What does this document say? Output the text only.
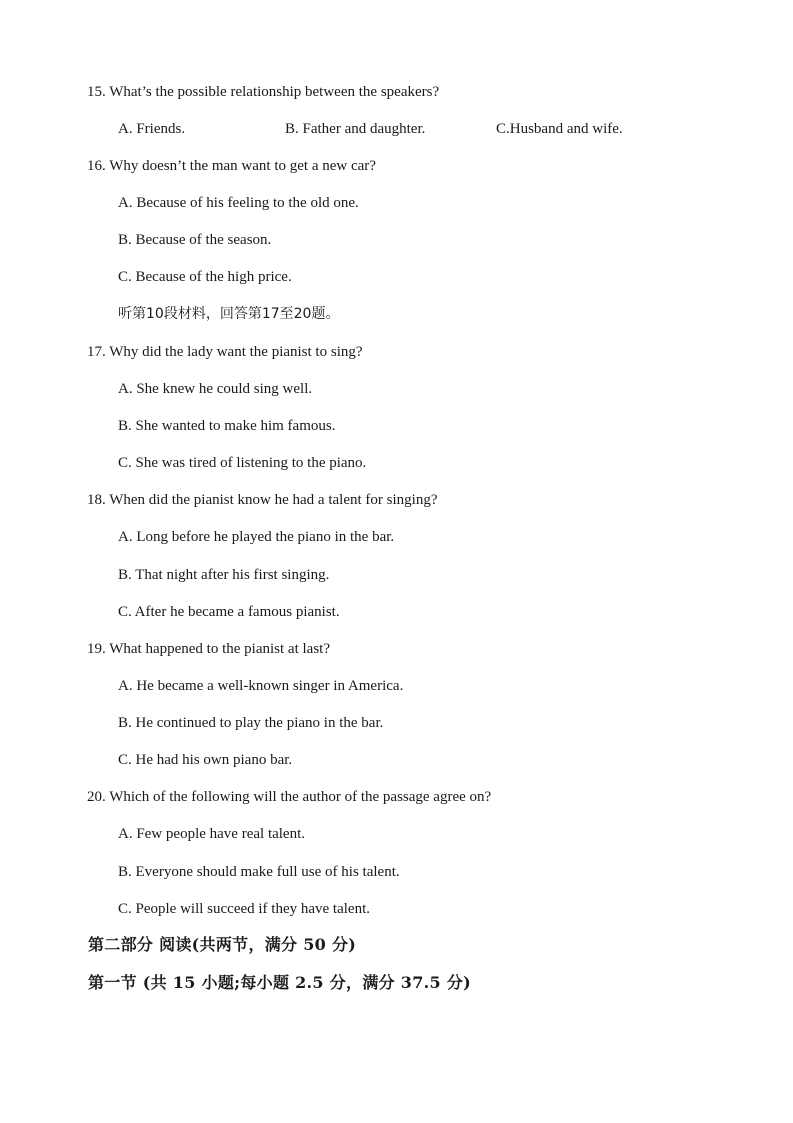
15. What’s the possible relationship between the speakers?
A. Friends.	B. Father and daughter.	C.Husband and wife.
16. Why doesn’t the man want to get a new car?
A. Because of his feeling to the old one.
B. Because of the season.
C. Because of the high price.
听第10段材料，回答第17至20题。
17. Why did the lady want the pianist to sing?
A. She knew he could sing well.
B. She wanted to make him famous.
C. She was tired of listening to the piano.
18. When did the pianist know he had a talent for singing?
A. Long before he played the piano in the bar.
B. That night after his first singing.
C. After he became a famous pianist.
19. What happened to the pianist at last?
A. He became a well-known singer in America.
B. He continued to play the piano in the bar.
C. He had his own piano bar.
20. Which of the following will the author of the passage agree on?
A. Few people have real talent.
B. Everyone should make full use of his talent.
C. People will succeed if they have talent.
第二部分 阅读(共两节，满分 50 分)
第一节 (共 15 小题;每小题 2.5 分，满分 37.5 分)
